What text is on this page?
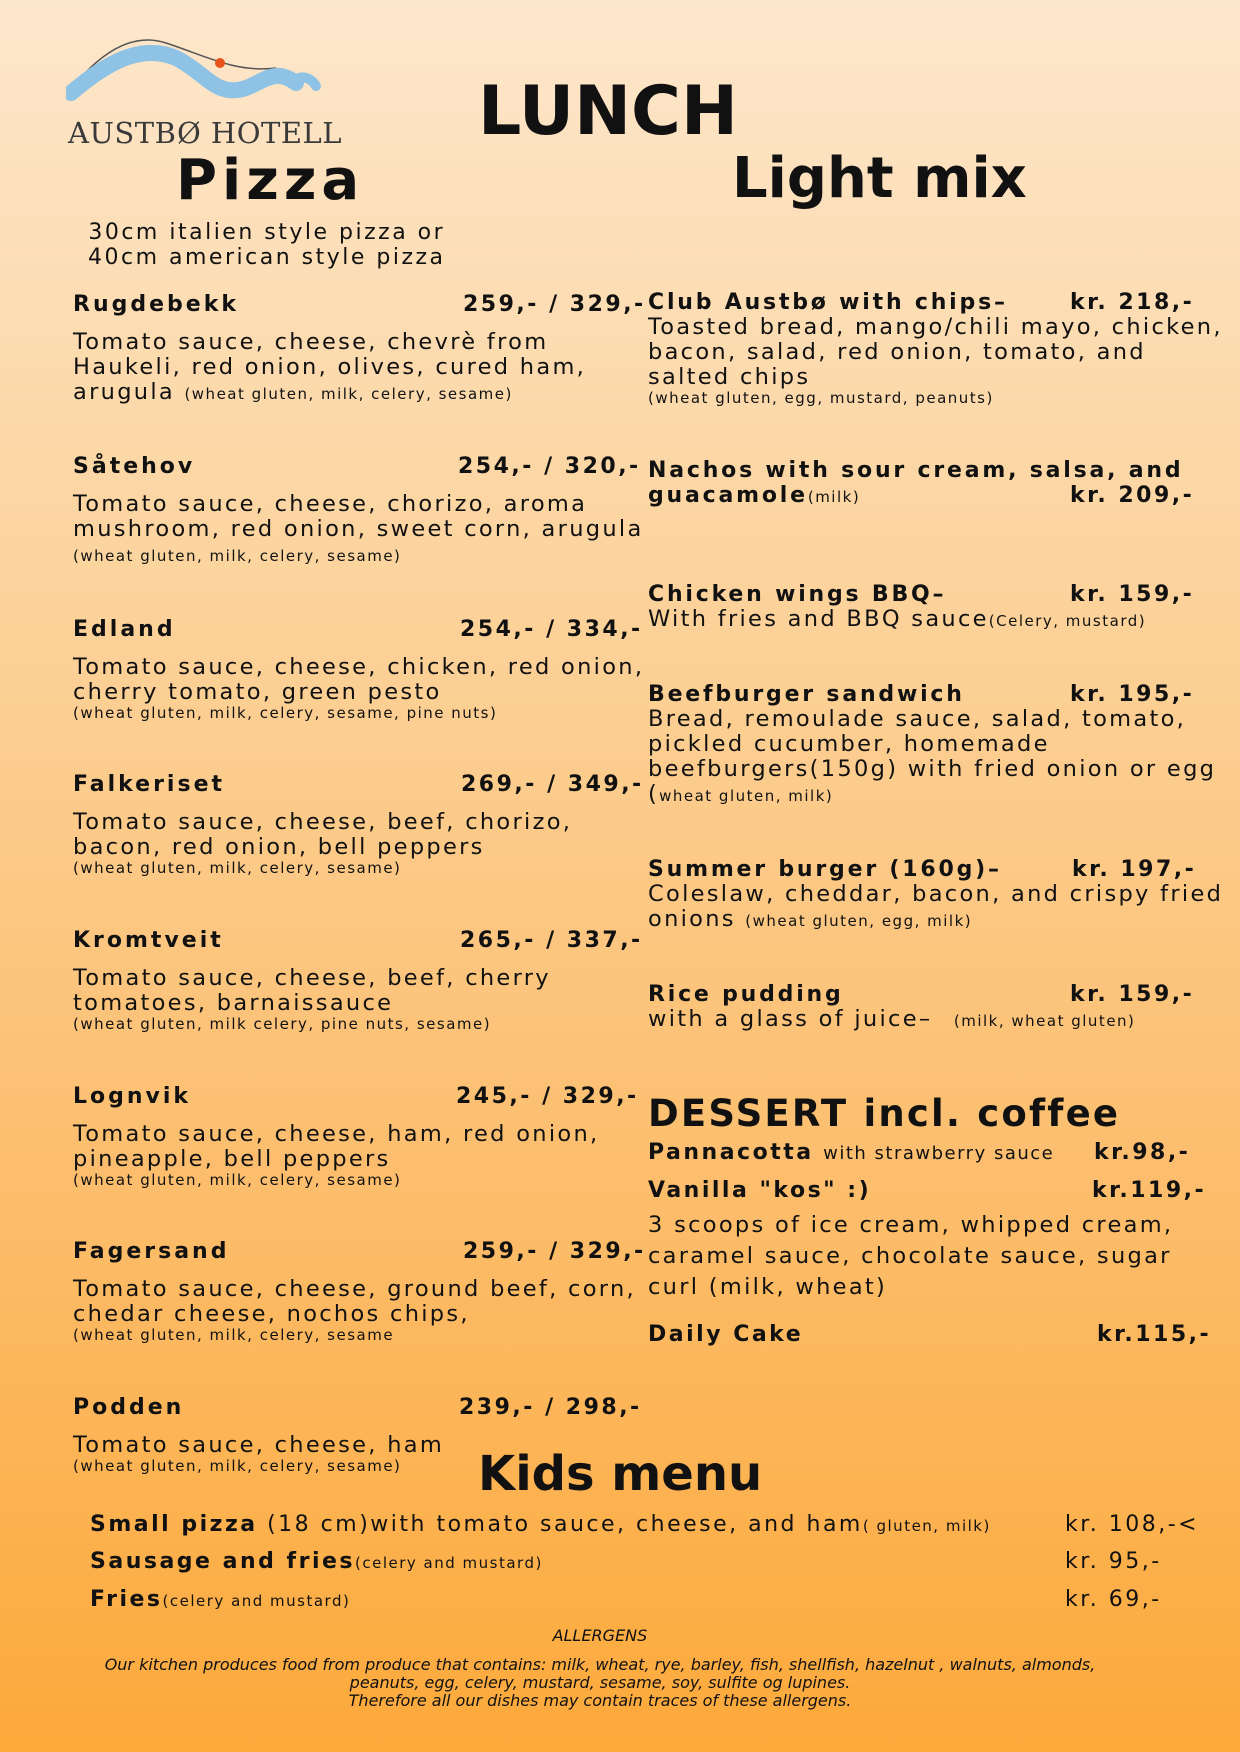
AUSTBØ HOTELL LUNCH
Light mix
Pizza
30cm italien style pizza or
40cm american style pizza
Rugdebekk	259,- / 329,-
Tomato sauce, cheese, chevrè from Haukeli, red onion, olives, cured ham, arugula (wheat gluten, milk, celery, sesame)
Såtehov	254,- / 320,-
Tomato sauce, cheese, chorizo, aroma mushroom, red onion, sweet corn, arugula (wheat gluten, milk, celery, sesame)
Edland	254,- / 334,-
Tomato sauce, cheese, chicken, red onion, cherry tomato, green pesto
(wheat gluten, milk, celery, sesame, pine nuts)
Falkeriset	269,- / 349,-
Tomato sauce, cheese, beef, chorizo, bacon, red onion, bell peppers
(wheat gluten, milk, celery, sesame)
Kromtveit	265,- / 337,-
Tomato sauce, cheese, beef, cherry tomatoes, barnaissauce
(wheat gluten, milk celery, pine nuts, sesame)
Lognvik	245,- / 329,-
Tomato sauce, cheese, ham, red onion, pineapple, bell peppers
(wheat gluten, milk, celery, sesame)
Fagersand	259,- / 329,-
Tomato sauce, cheese, ground beef, corn, chedar cheese, nochos chips,
(wheat gluten, milk, celery, sesame
Podden	239,- / 298,-
Tomato sauce, cheese, ham
(wheat gluten, milk, celery, sesame)
Club Austbø with chips–	kr. 218,-
Toasted bread, mango/chili mayo, chicken, bacon, salad, red onion, tomato, and salted chips
(wheat gluten, egg, mustard, peanuts)
Nachos with sour cream, salsa, and
guacamole(milk)	kr. 209,-
Chicken wings BBQ–	kr. 159,-
With fries and BBQ sauce(Celery, mustard)
Beefburger sandwich	kr. 195,-
Bread, remoulade sauce, salad, tomato, pickled cucumber, homemade beefburgers(150g) with fried onion or egg (wheat gluten, milk)
Summer burger (160g)–	kr. 197,-
Coleslaw, cheddar, bacon, and crispy fried onions (wheat gluten, egg, milk)
Rice pudding	kr. 159,-
with a glass of juice– (milk, wheat gluten)
DESSERT incl. coffee
Pannacotta with strawberry sauce kr.98,-
Vanilla "kos" :)	kr.119,-
3 scoops of ice cream, whipped cream, caramel sauce, chocolate sauce, sugar curl (milk, wheat)
Daily Cake	kr.115,-
Kids menu
Small pizza (18 cm)with tomato sauce, cheese, and ham( gluten, milk)	kr. 108,-<
Sausage and fries(celery and mustard)	kr. 95,-
Fries(celery and mustard)	kr. 69,-
ALLERGENS
Our kitchen produces food from produce that contains: milk, wheat, rye, barley, fish, shellfish, hazelnut , walnuts, almonds,
peanuts, egg, celery, mustard, sesame, soy, sulfite og lupines.
Therefore all our dishes may contain traces of these allergens.
